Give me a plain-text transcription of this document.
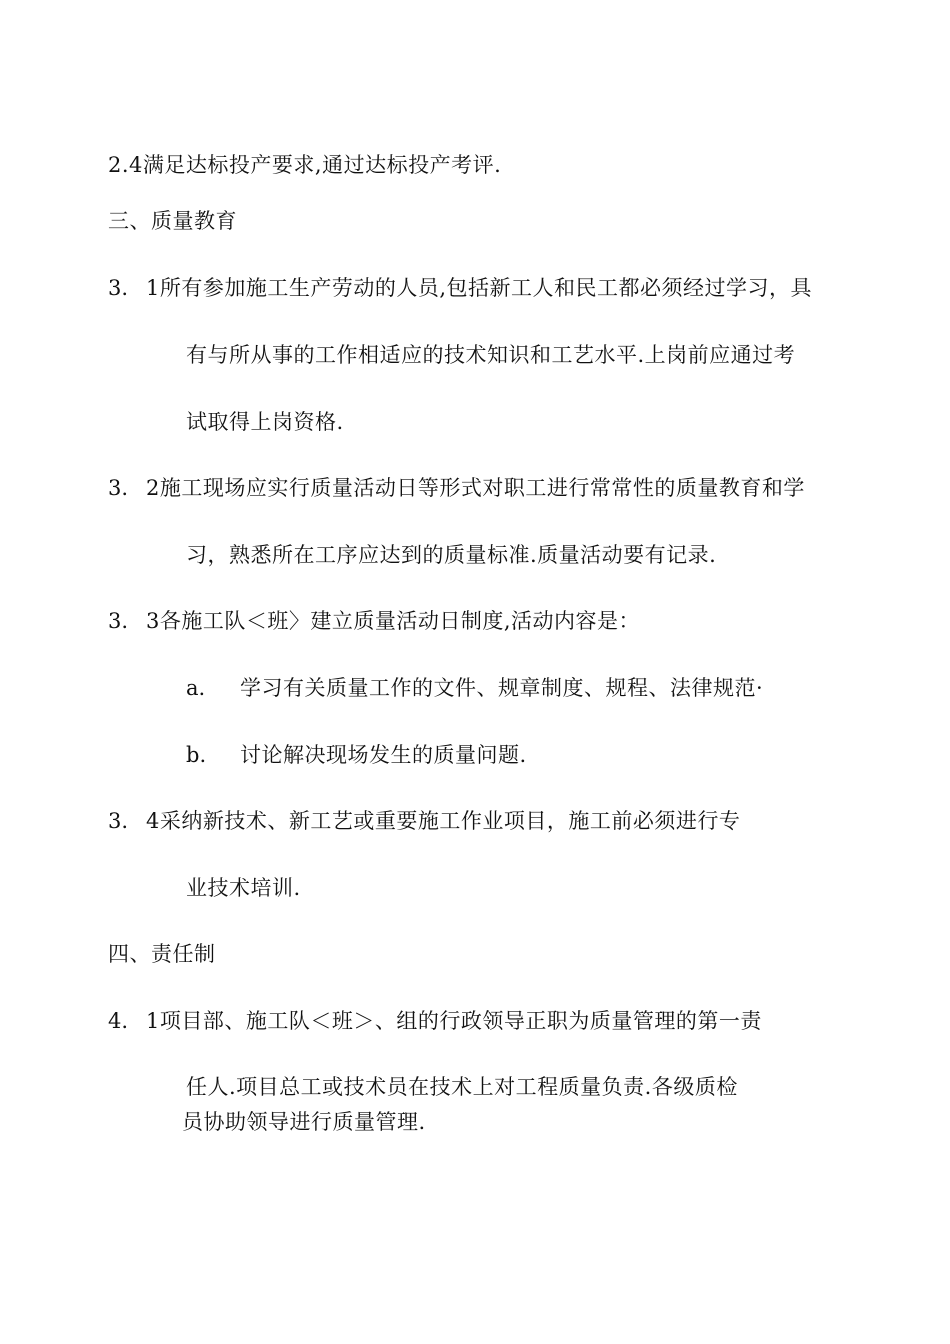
2.4满足达标投产要求,通过达标投产考评.
三、质量教育
3. 1所有参加施工生产劳动的人员,包括新工人和民工都必须经过学习，具
有与所从事的工作相适应的技术知识和工艺水平.上岗前应通过考
试取得上岗资格.
3. 2施工现场应实行质量活动日等形式对职工进行常常性的质量教育和学
习，熟悉所在工序应达到的质量标准.质量活动要有记录.
3. 3各施工队＜班〉建立质量活动日制度,活动内容是：
a. 学习有关质量工作的文件、规章制度、规程、法律规范·
b. 讨论解决现场发生的质量问题.
3. 4采纳新技术、新工艺或重要施工作业项目，施工前必须进行专
业技术培训.
四、责任制
4. 1项目部、施工队＜班＞、组的行政领导正职为质量管理的第一责
任人.项目总工或技术员在技术上对工程质量负责.各级质检
员协助领导进行质量管理.
